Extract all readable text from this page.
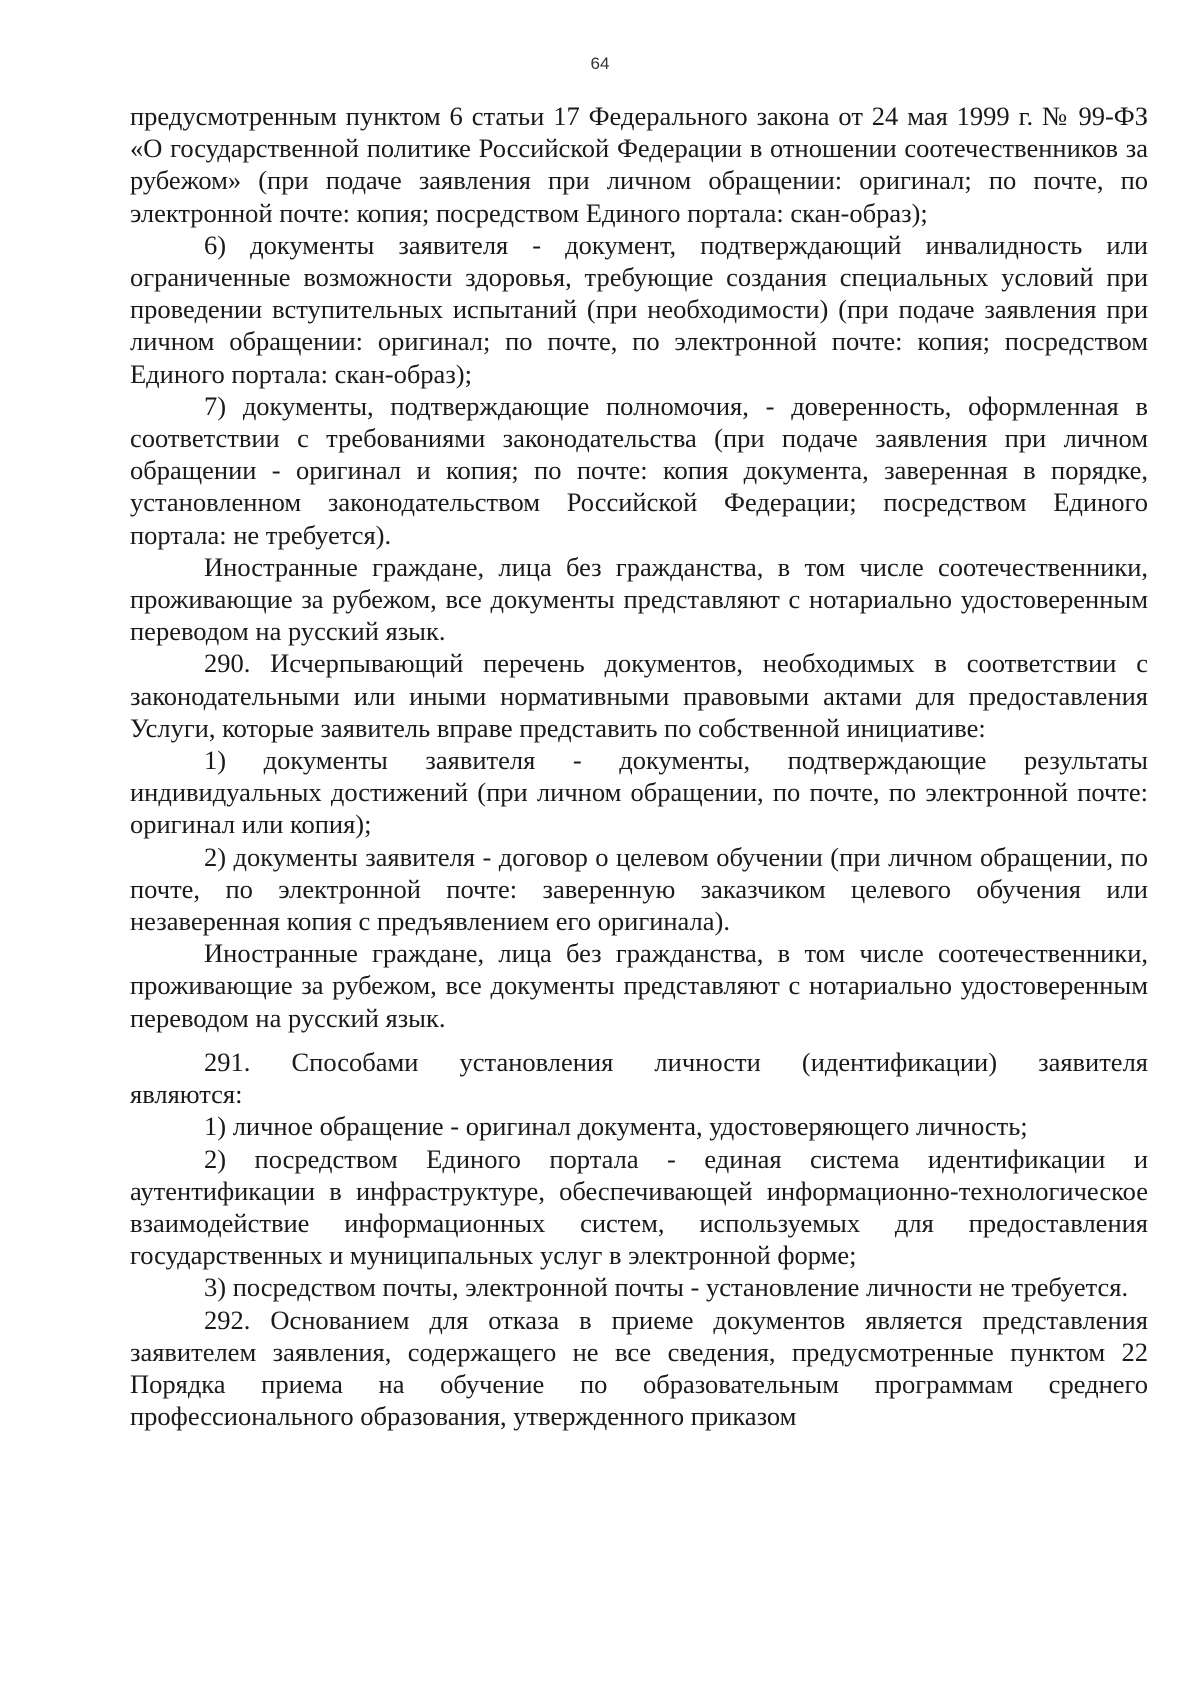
64

предусмотренным пунктом 6 статьи 17 Федерального закона от 24 мая 1999 г. № 99-ФЗ «О государственной политике Российской Федерации в отношении соотечественников за рубежом» (при подаче заявления при личном обращении: оригинал; по почте, по электронной почте: копия; посредством Единого портала: скан-образ);

6) документы заявителя - документ, подтверждающий инвалидность или ограниченные возможности здоровья, требующие создания специальных условий при проведении вступительных испытаний (при необходимости) (при подаче заявления при личном обращении: оригинал; по почте, по электронной почте: копия; посредством Единого портала: скан-образ);

7) документы, подтверждающие полномочия, - доверенность, оформленная в соответствии с требованиями законодательства (при подаче заявления при личном обращении - оригинал и копия; по почте: копия документа, заверенная в порядке, установленном законодательством Российской Федерации; посредством Единого портала: не требуется).

Иностранные граждане, лица без гражданства, в том числе соотечественники, проживающие за рубежом, все документы представляют с нотариально удостоверенным переводом на русский язык.

290. Исчерпывающий перечень документов, необходимых в соответствии с законодательными или иными нормативными правовыми актами для предоставления Услуги, которые заявитель вправе представить по собственной инициативе:

1) документы заявителя - документы, подтверждающие результаты индивидуальных достижений (при личном обращении, по почте, по электронной почте: оригинал или копия);

2) документы заявителя - договор о целевом обучении (при личном обращении, по почте, по электронной почте: заверенную заказчиком целевого обучения или незаверенная копия с предъявлением его оригинала).

Иностранные граждане, лица без гражданства, в том числе соотечественники, проживающие за рубежом, все документы представляют с нотариально удостоверенным переводом на русский язык.

291. Способами установления личности (идентификации) заявителя являются:

1) личное обращение - оригинал документа, удостоверяющего личность;

2) посредством Единого портала - единая система идентификации и аутентификации в инфраструктуре, обеспечивающей информационно-технологическое взаимодействие информационных систем, используемых для предоставления государственных и муниципальных услуг в электронной форме;

3) посредством почты, электронной почты - установление личности не требуется.

292. Основанием для отказа в приеме документов является представления заявителем заявления, содержащего не все сведения, предусмотренные пунктом 22 Порядка приема на обучение по образовательным программам среднего профессионального образования, утвержденного приказом
